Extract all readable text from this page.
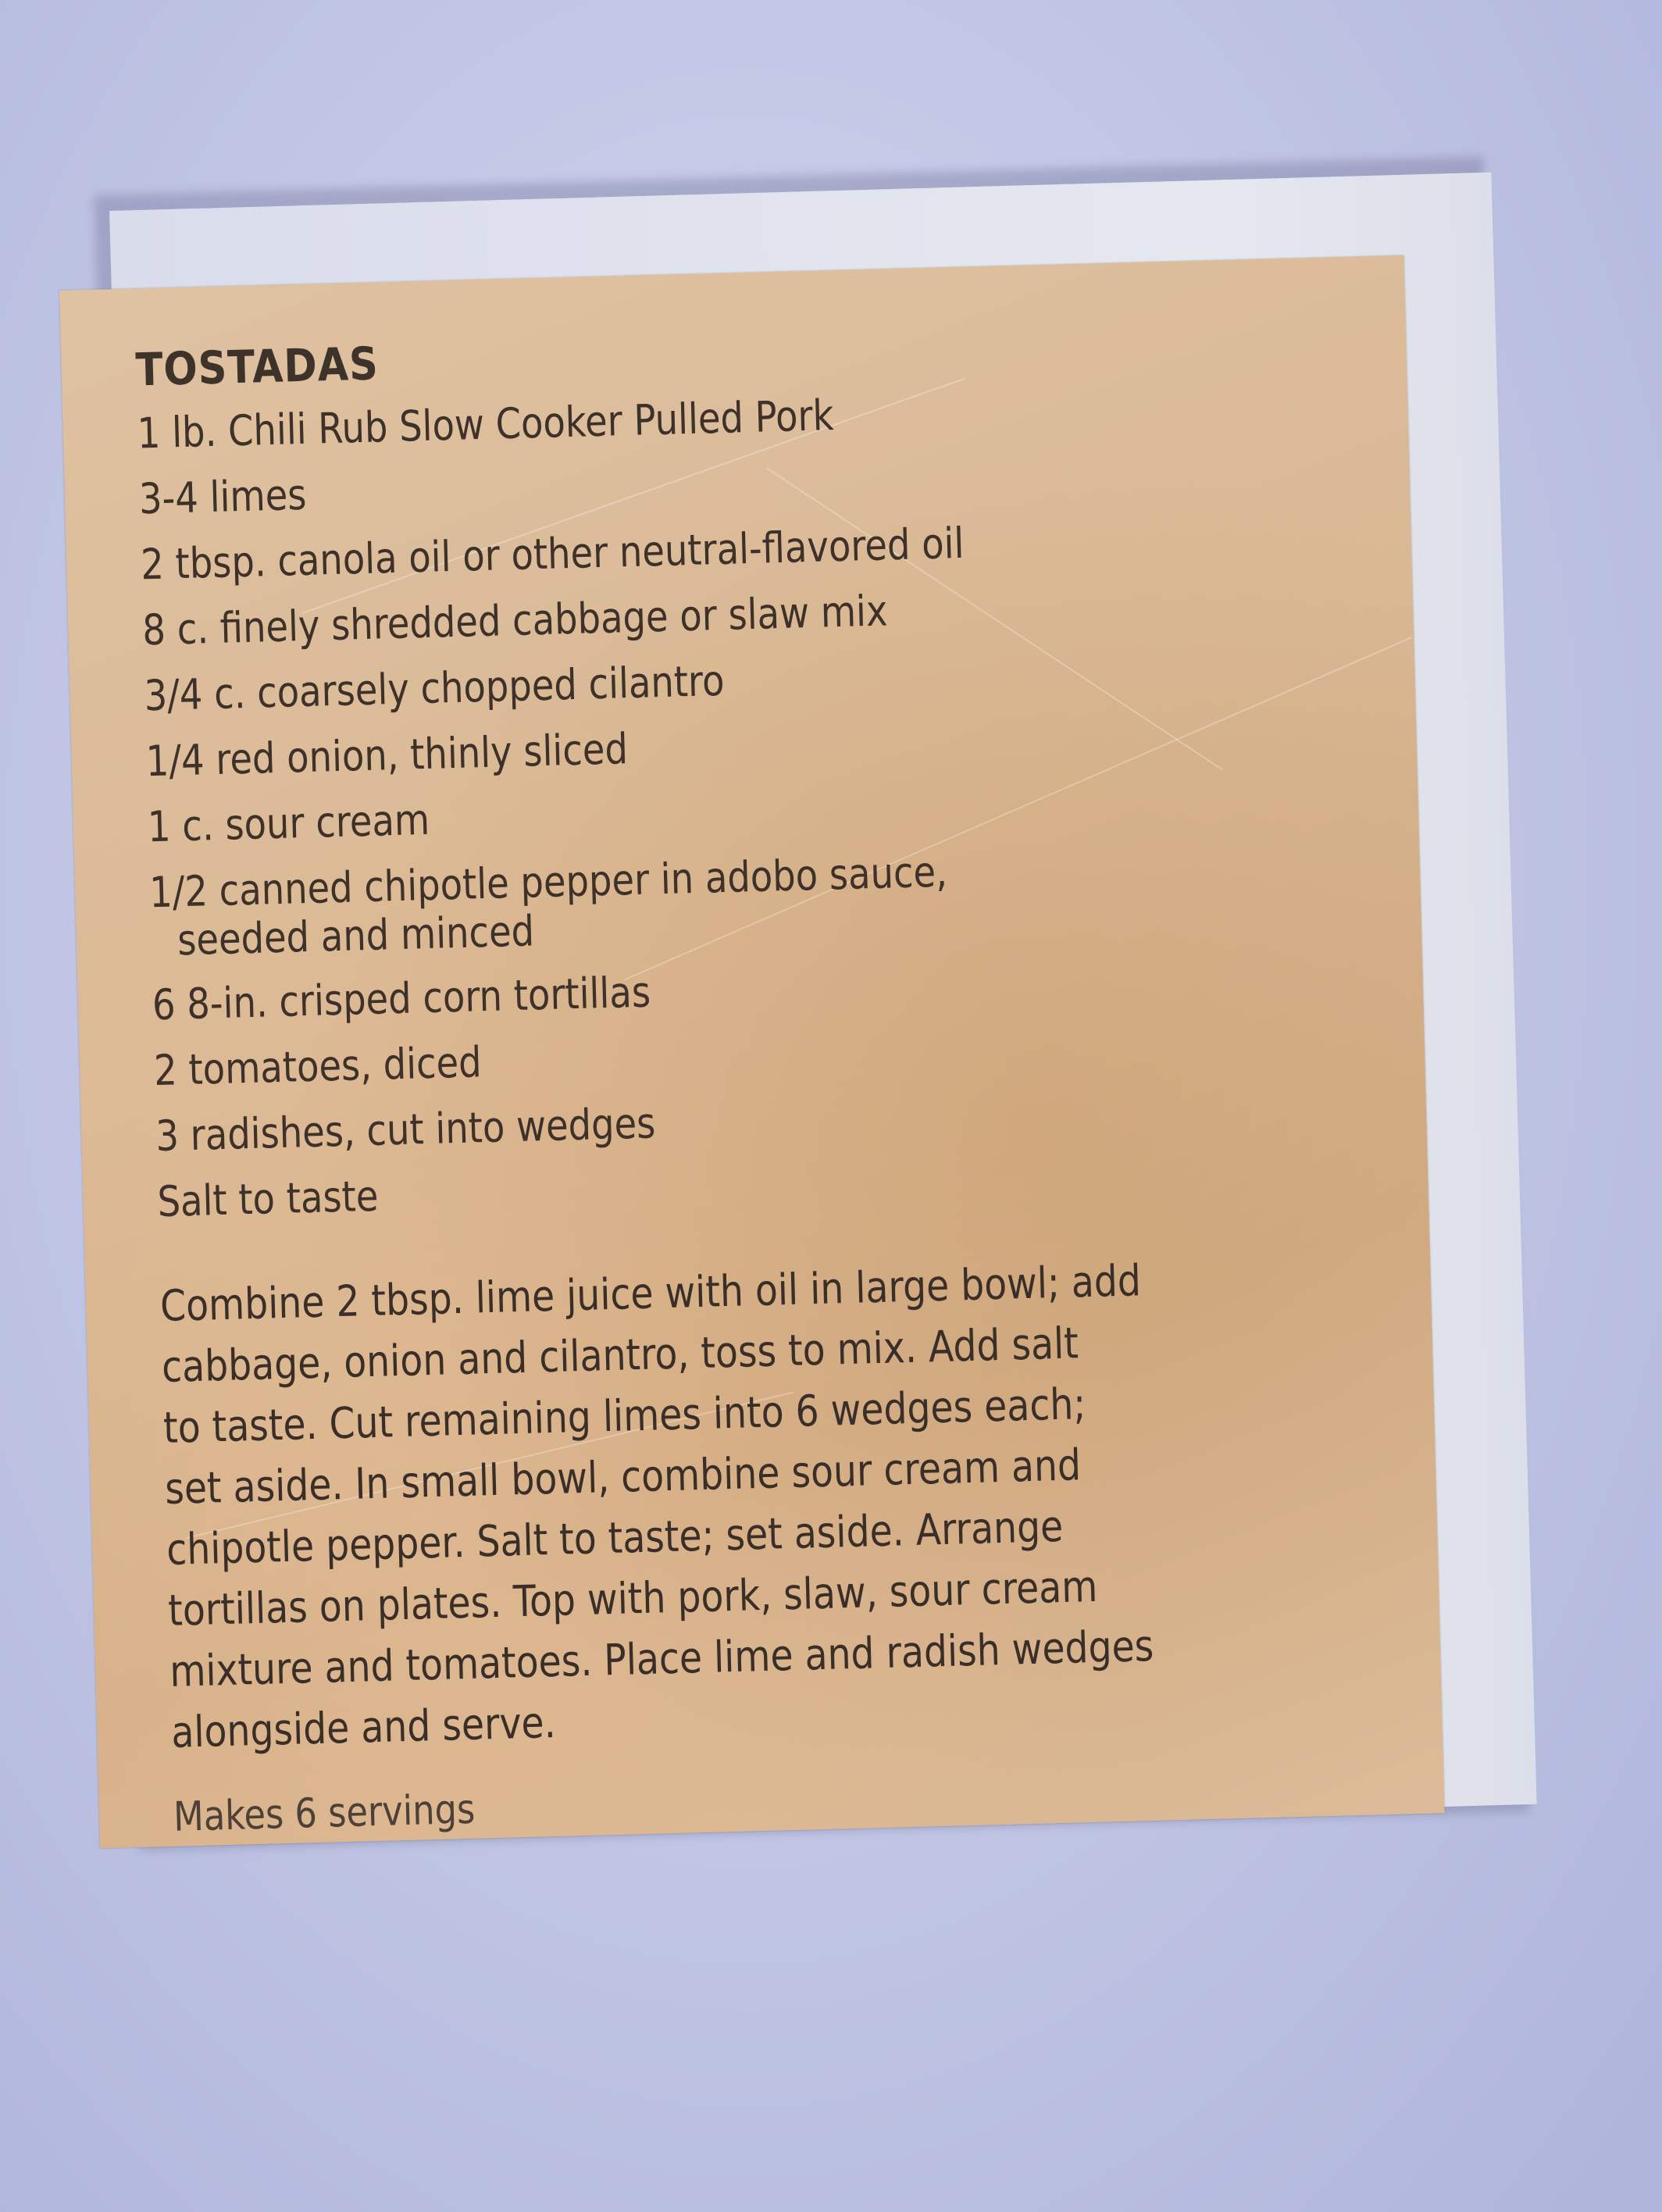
TOSTADAS
1 lb. Chili Rub Slow Cooker Pulled Pork
3-4 limes
2 tbsp. canola oil or other neutral-flavored oil
8 c. finely shredded cabbage or slaw mix
3/4 c. coarsely chopped cilantro
1/4 red onion, thinly sliced
1 c. sour cream
1/2 canned chipotle pepper in adobo sauce,
seeded and minced
6 8-in. crisped corn tortillas
2 tomatoes, diced
3 radishes, cut into wedges
Salt to taste
Combine 2 tbsp. lime juice with oil in large bowl; add
cabbage, onion and cilantro, toss to mix. Add salt
to taste. Cut remaining limes into 6 wedges each;
set aside. In small bowl, combine sour cream and
chipotle pepper. Salt to taste; set aside. Arrange
tortillas on plates. Top with pork, slaw, sour cream
mixture and tomatoes. Place lime and radish wedges
alongside and serve.
Makes 6 servings
